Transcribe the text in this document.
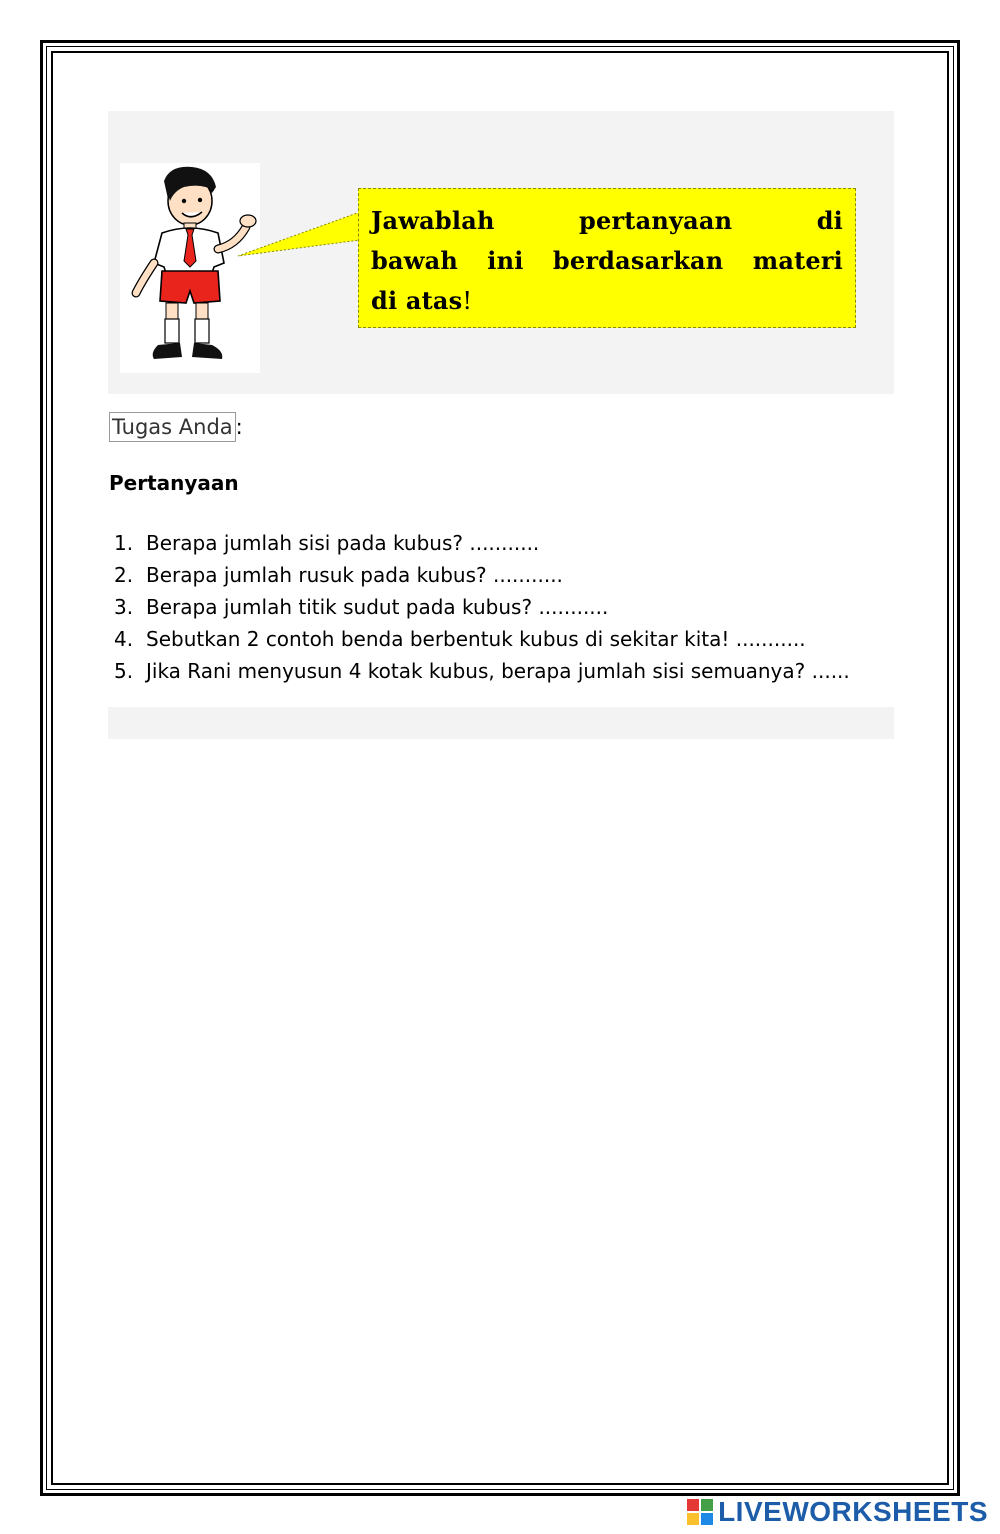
Jawablah	pertanyaan	di
bawah ini berdasarkan materi
di atas!
Tugas Anda :
Pertanyaan
1. Berapa jumlah sisi pada kubus? ...........
2. Berapa jumlah rusuk pada kubus? ...........
3. Berapa jumlah titik sudut pada kubus? ...........
4. Sebutkan 2 contoh benda berbentuk kubus di sekitar kita! ...........
5. Jika Rani menyusun 4 kotak kubus, berapa jumlah sisi semuanya? ......
LIVEWORKSHEETS
